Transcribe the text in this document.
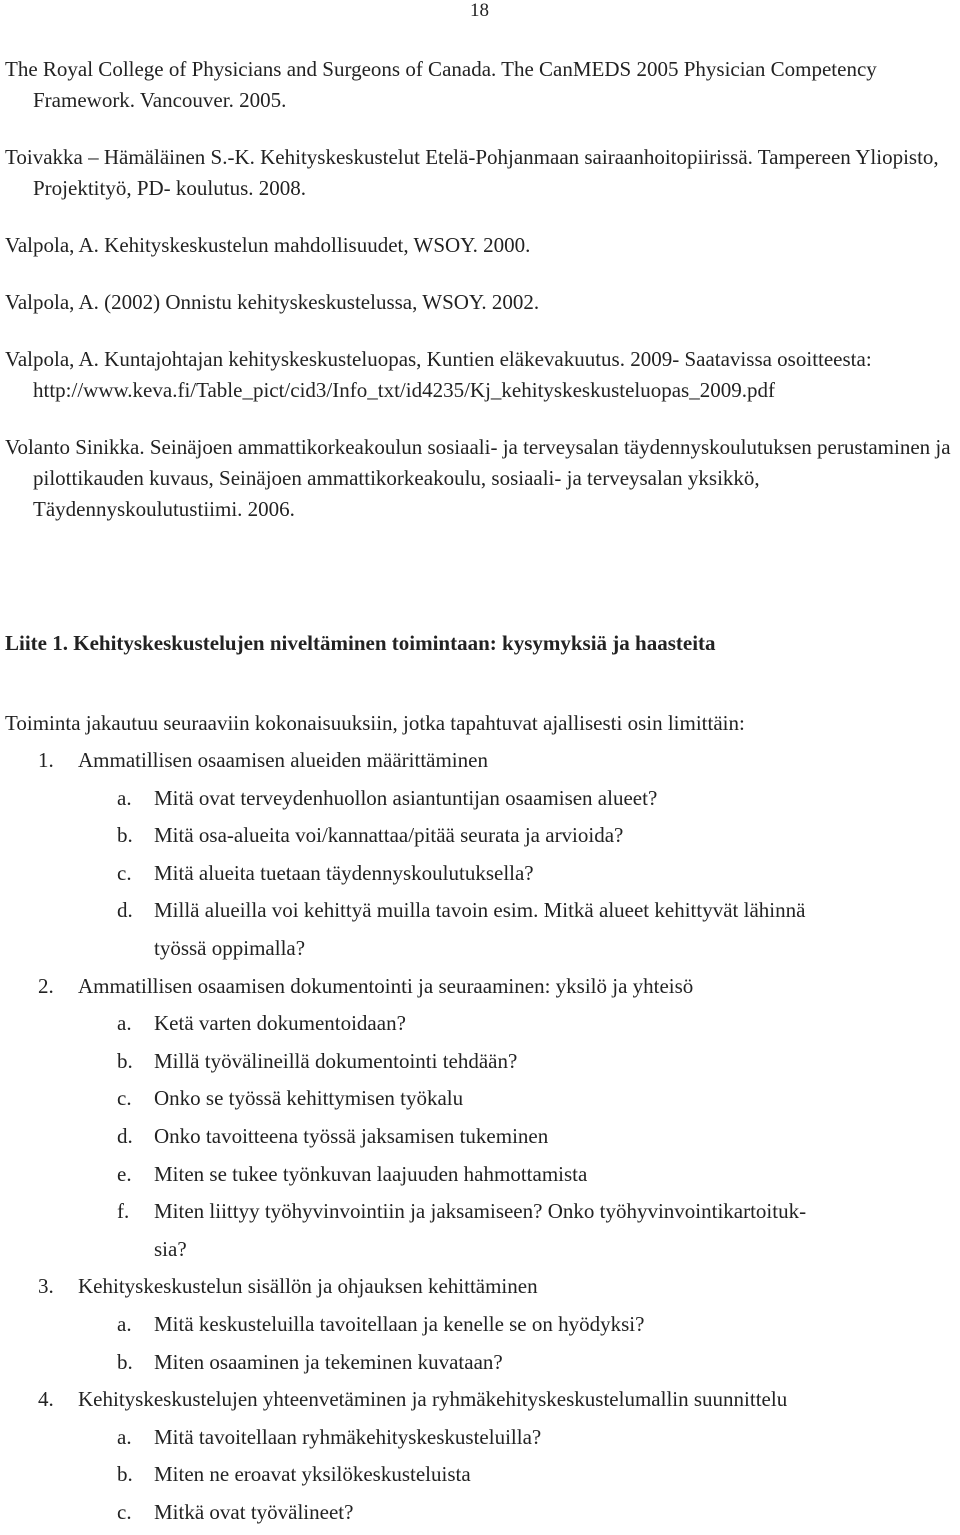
18

The Royal College of Physicians and Surgeons of Canada. The CanMEDS 2005 Physician Competency Framework. Vancouver. 2005.

Toivakka – Hämäläinen S.-K. Kehityskeskustelut Etelä-Pohjanmaan sairaanhoitopiirissä. Tampereen Yliopisto, Projektityö, PD- koulutus. 2008.

Valpola, A. Kehityskeskustelun mahdollisuudet, WSOY. 2000.

Valpola, A. (2002) Onnistu kehityskeskustelussa, WSOY. 2002.

Valpola, A. Kuntajohtajan kehityskeskusteluopas, Kuntien eläkevakuutus. 2009- Saatavissa osoitteesta: http://www.keva.fi/Table_pict/cid3/Info_txt/id4235/Kj_kehityskeskusteluopas_2009.pdf

Volanto Sinikka. Seinäjoen ammattikorkeakoulun sosiaali- ja terveysalan täydennyskoulutuksen perustaminen ja pilottikauden kuvaus, Seinäjoen ammattikorkeakoulu, sosiaali- ja terveysalan yksikkö, Täydennyskoulutustiimi. 2006.

Liite 1. Kehityskeskustelujen niveltäminen toimintaan: kysymyksiä ja haasteita

Toiminta jakautuu seuraaviin kokonaisuuksiin, jotka tapahtuvat ajallisesti osin limittäin:

1. Ammatillisen osaamisen alueiden määrittäminen
a. Mitä ovat terveydenhuollon asiantuntijan osaamisen alueet?
b. Mitä osa-alueita voi/kannattaa/pitää seurata ja arvioida?
c. Mitä alueita tuetaan täydennyskoulutuksella?
d. Millä alueilla voi kehittyä muilla tavoin esim. Mitkä alueet kehittyvät lähinnä
työssä oppimalla?
2. Ammatillisen osaamisen dokumentointi ja seuraaminen: yksilö ja yhteisö
a. Ketä varten dokumentoidaan?
b. Millä työvälineillä dokumentointi tehdään?
c. Onko se työssä kehittymisen työkalu
d. Onko tavoitteena työssä jaksamisen tukeminen
e. Miten se tukee työnkuvan laajuuden hahmottamista
f. Miten liittyy työhyvinvointiin ja jaksamiseen? Onko työhyvinvointikartoituk-
sia?
3. Kehityskeskustelun sisällön ja ohjauksen kehittäminen
a. Mitä keskusteluilla tavoitellaan ja kenelle se on hyödyksi?
b. Miten osaaminen ja tekeminen kuvataan?
4. Kehityskeskustelujen yhteenvetäminen ja ryhmäkehityskeskustelumallin suunnittelu
a. Mitä tavoitellaan ryhmäkehityskeskusteluilla?
b. Miten ne eroavat yksilökeskusteluista
c. Mitkä ovat työvälineet?
